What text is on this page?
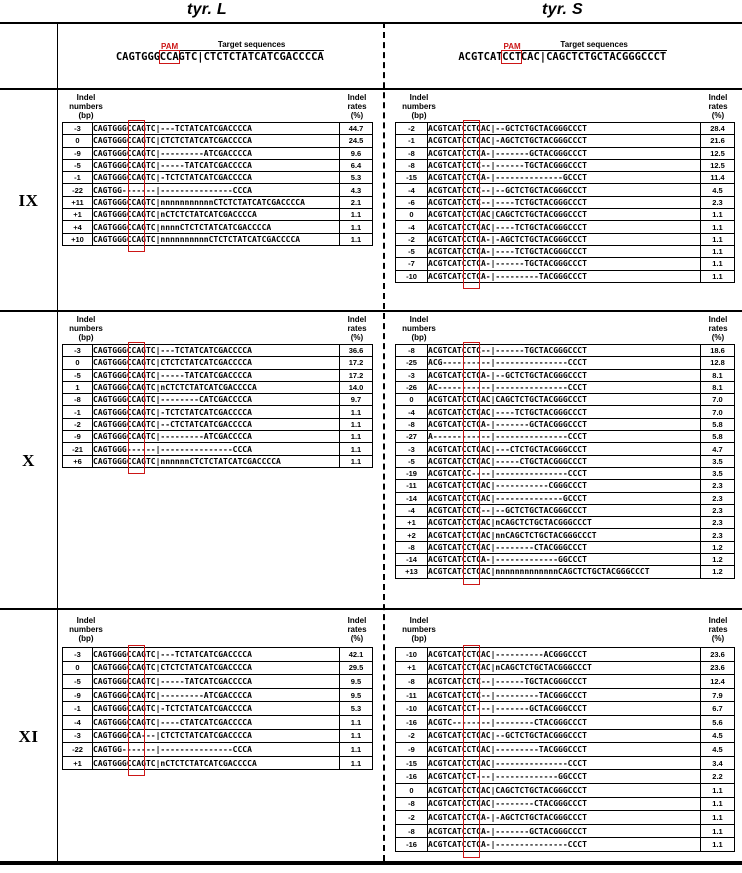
tyr. L	tyr. S
PAM	Target sequences
CAGTGGGCCAGTC|CTCTCTATCATCGACCCCA
PAM	Target sequences
ACGTCATCCTCAC|CAGCTCTGCTACGGGCCCT
IX
Indel
numbers
(bp)
Indel
rates
(%)
-3	CAGTGGGCCAGTC|---TCTATCATCGACCCCA	44.7
0	CAGTGGGCCAGTC|CTCTCTATCATCGACCCCA	24.5
-9	CAGTGGGCCAGTC|---------ATCGACCCCA	9.6
-5	CAGTGGGCCAGTC|-----TATCATCGACCCCA	6.4
-1	CAGTGGGCCAGTC|-TCTCTATCATCGACCCCA	5.3
-22	CAGTGG-------|---------------CCCA	4.3
+11	CAGTGGGCCAGTC|nnnnnnnnnnnCTCTCTATCATCGACCCCA	2.1
+1	CAGTGGGCCAGTC|nCTCTCTATCATCGACCCCA	1.1
+4	CAGTGGGCCAGTC|nnnnCTCTCTATCATCGACCCCA	1.1
+10	CAGTGGGCCAGTC|nnnnnnnnnnCTCTCTATCATCGACCCCA	1.1
Indel
numbers
(bp)
Indel
rates
(%)
-2	ACGTCATCCTCAC|--GCTCTGCTACGGGCCCT	28.4
-1	ACGTCATCCTCAC|-AGCTCTGCTACGGGCCCT	21.6
-8	ACGTCATCCTCA-|-------GCTACGGGCCCT	12.5
-8	ACGTCATCCTC--|------TGCTACGGGCCCT	12.5
-15	ACGTCATCCTCA-|--------------GCCCT	11.4
-4	ACGTCATCCTC--|--GCTCTGCTACGGGCCCT	4.5
-6	ACGTCATCCTC--|----TCTGCTACGGGCCCT	2.3
0	ACGTCATCCTCAC|CAGCTCTGCTACGGGCCCT	1.1
-4	ACGTCATCCTCAC|----TCTGCTACGGGCCCT	1.1
-2	ACGTCATCCTCA-|-AGCTCTGCTACGGGCCCT	1.1
-5	ACGTCATCCTCA-|----TCTGCTACGGGCCCT	1.1
-7	ACGTCATCCTCA-|------TGCTACGGGCCCT	1.1
-10	ACGTCATCCTCA-|---------TACGGGCCCT	1.1
X
Indel
numbers
(bp)
Indel
rates
(%)
-3	CAGTGGGCCAGTC|---TCTATCATCGACCCCA	36.6
0	CAGTGGGCCAGTC|CTCTCTATCATCGACCCCA	17.2
-5	CAGTGGGCCAGTC|-----TATCATCGACCCCA	17.2
1	CAGTGGGCCAGTC|nCTCTCTATCATCGACCCCA	14.0
-8	CAGTGGGCCAGTC|--------CATCGACCCCA	9.7
-1	CAGTGGGCCAGTC|-TCTCTATCATCGACCCCA	1.1
-2	CAGTGGGCCAGTC|--CTCTATCATCGACCCCA	1.1
-9	CAGTGGGCCAGTC|---------ATCGACCCCA	1.1
-21	CAGTGGG------|---------------CCCA	1.1
+6	CAGTGGGCCAGTC|nnnnnnCTCTCTATCATCGACCCCA	1.1
Indel
numbers
(bp)
Indel
rates
(%)
-8	ACGTCATCCTC--|------TGCTACGGGCCCT	18.6
-25	ACG----------|---------------CCCT	12.8
-3	ACGTCATCCTCA-|--GCTCTGCTACGGGCCCT	8.1
-26	AC-----------|---------------CCCT	8.1
0	ACGTCATCCTCAC|CAGCTCTGCTACGGGCCCT	7.0
-4	ACGTCATCCTCAC|----TCTGCTACGGGCCCT	7.0
-8	ACGTCATCCTCA-|-------GCTACGGGCCCT	5.8
-27	A------------|---------------CCCT	5.8
-3	ACGTCATCCTCAC|---CTCTGCTACGGGCCCT	4.7
-5	ACGTCATCCTCAC|-----CTGCTACGGGCCCT	3.5
-19	ACGTCATCC----|---------------CCCT	3.5
-11	ACGTCATCCTCAC|-----------CGGGCCCT	2.3
-14	ACGTCATCCTCAC|--------------GCCCT	2.3
-4	ACGTCATCCTC--|--GCTCTGCTACGGGCCCT	2.3
+1	ACGTCATCCTCAC|nCAGCTCTGCTACGGGCCCT	2.3
+2	ACGTCATCCTCAC|nnCAGCTCTGCTACGGGCCCT	2.3
-8	ACGTCATCCTCAC|--------CTACGGGCCCT	1.2
-14	ACGTCATCCTCA-|-------------GGCCCT	1.2
+13	ACGTCATCCTCAC|nnnnnnnnnnnnnCAGCTCTGCTACGGGCCCT	1.2
XI
Indel
numbers
(bp)
Indel
rates
(%)
-3	CAGTGGGCCAGTC|---TCTATCATCGACCCCA	42.1
0	CAGTGGGCCAGTC|CTCTCTATCATCGACCCCA	29.5
-5	CAGTGGGCCAGTC|-----TATCATCGACCCCA	9.5
-9	CAGTGGGCCAGTC|---------ATCGACCCCA	9.5
-1	CAGTGGGCCAGTC|-TCTCTATCATCGACCCCA	5.3
-4	CAGTGGGCCAGTC|----CTATCATCGACCCCA	1.1
-3	CAGTGGGCCA---|CTCTCTATCATCGACCCCA	1.1
-22	CAGTGG-------|---------------CCCA	1.1
+1	CAGTGGGCCAGTC|nCTCTCTATCATCGACCCCA	1.1
Indel
numbers
(bp)
Indel
rates
(%)
-10	ACGTCATCCTCAC|----------ACGGGCCCT	23.6
+1	ACGTCATCCTCAC|nCAGCTCTGCTACGGGCCCT	23.6
-8	ACGTCATCCTC--|------TGCTACGGGCCCT	12.4
-11	ACGTCATCCTC--|---------TACGGGCCCT	7.9
-10	ACGTCATCCT---|-------GCTACGGGCCCT	6.7
-16	ACGTC--------|--------CTACGGGCCCT	5.6
-2	ACGTCATCCTCAC|--GCTCTGCTACGGGCCCT	4.5
-9	ACGTCATCCTCAC|---------TACGGGCCCT	4.5
-15	ACGTCATCCTCAC|---------------CCCT	3.4
-16	ACGTCATCCT---|-------------GGCCCT	2.2
0	ACGTCATCCTCAC|CAGCTCTGCTACGGGCCCT	1.1
-8	ACGTCATCCTCAC|--------CTACGGGCCCT	1.1
-2	ACGTCATCCTCA-|-AGCTCTGCTACGGGCCCT	1.1
-8	ACGTCATCCTCA-|-------GCTACGGGCCCT	1.1
-16	ACGTCATCCTCA-|---------------CCCT	1.1
